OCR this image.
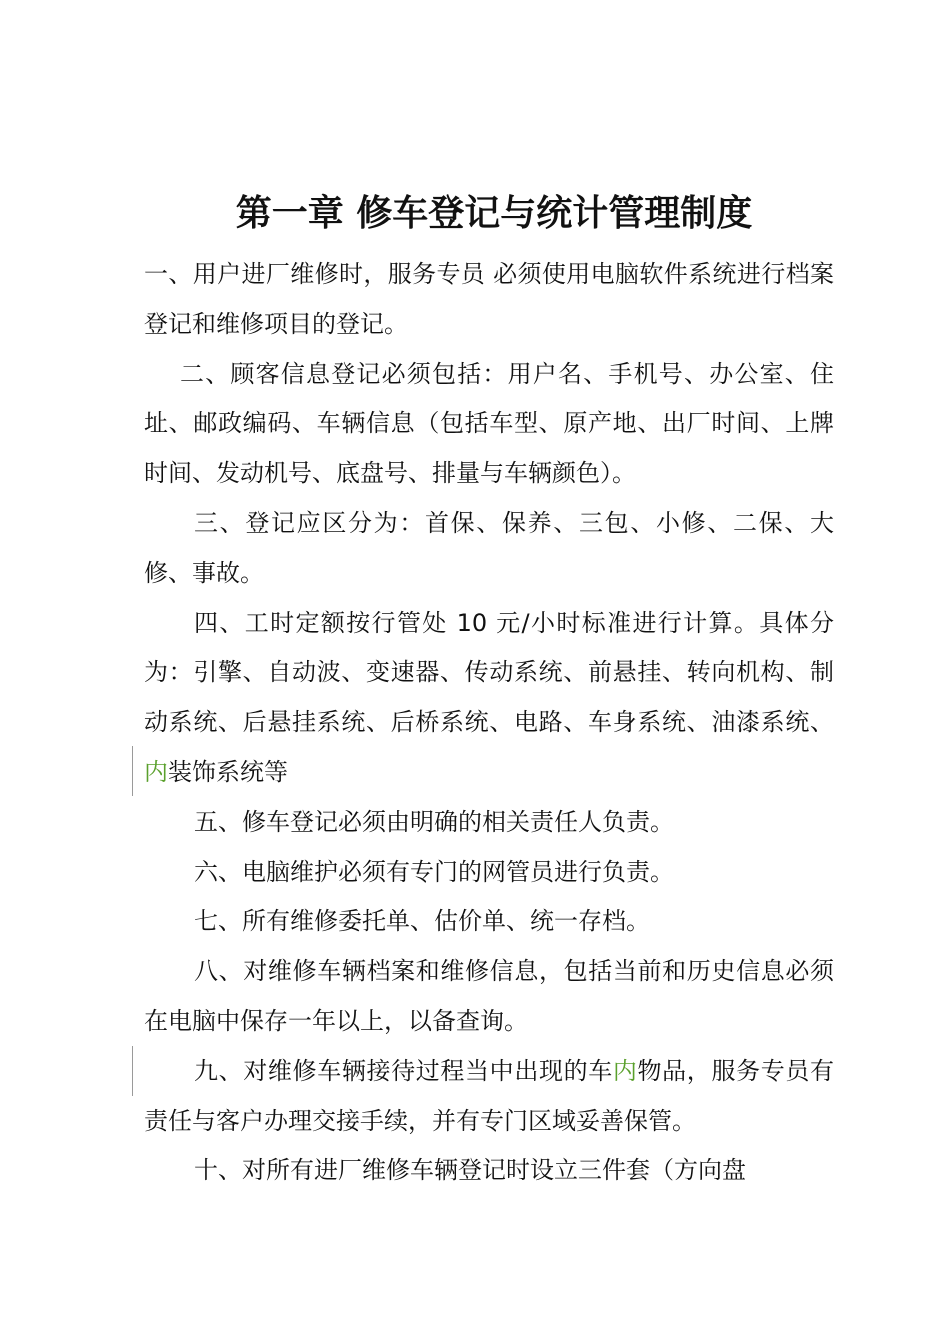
第一章 修车登记与统计管理制度

一、用户进厂维修时，服务专员 必须使用电脑软件系统进行档案登记和维修项目的登记。

二、顾客信息登记必须包括：用户名、手机号、办公室、住址、邮政编码、车辆信息（包括车型、原产地、出厂时间、上牌时间、发动机号、底盘号、排量与车辆颜色）。

三、登记应区分为：首保、保养、三包、小修、二保、大修、事故。

四、工时定额按行管处 10 元/小时标准进行计算。具体分为：引擎、自动波、变速器、传动系统、前悬挂、转向机构、制动系统、后悬挂系统、后桥系统、电路、车身系统、油漆系统、内装饰系统等

五、修车登记必须由明确的相关责任人负责。

六、电脑维护必须有专门的网管员进行负责。

七、所有维修委托单、估价单、统一存档。

八、对维修车辆档案和维修信息，包括当前和历史信息必须在电脑中保存一年以上，以备查询。

九、对维修车辆接待过程当中出现的车内物品，服务专员有责任与客户办理交接手续，并有专门区域妥善保管。

十、对所有进厂维修车辆登记时设立三件套（方向盘
